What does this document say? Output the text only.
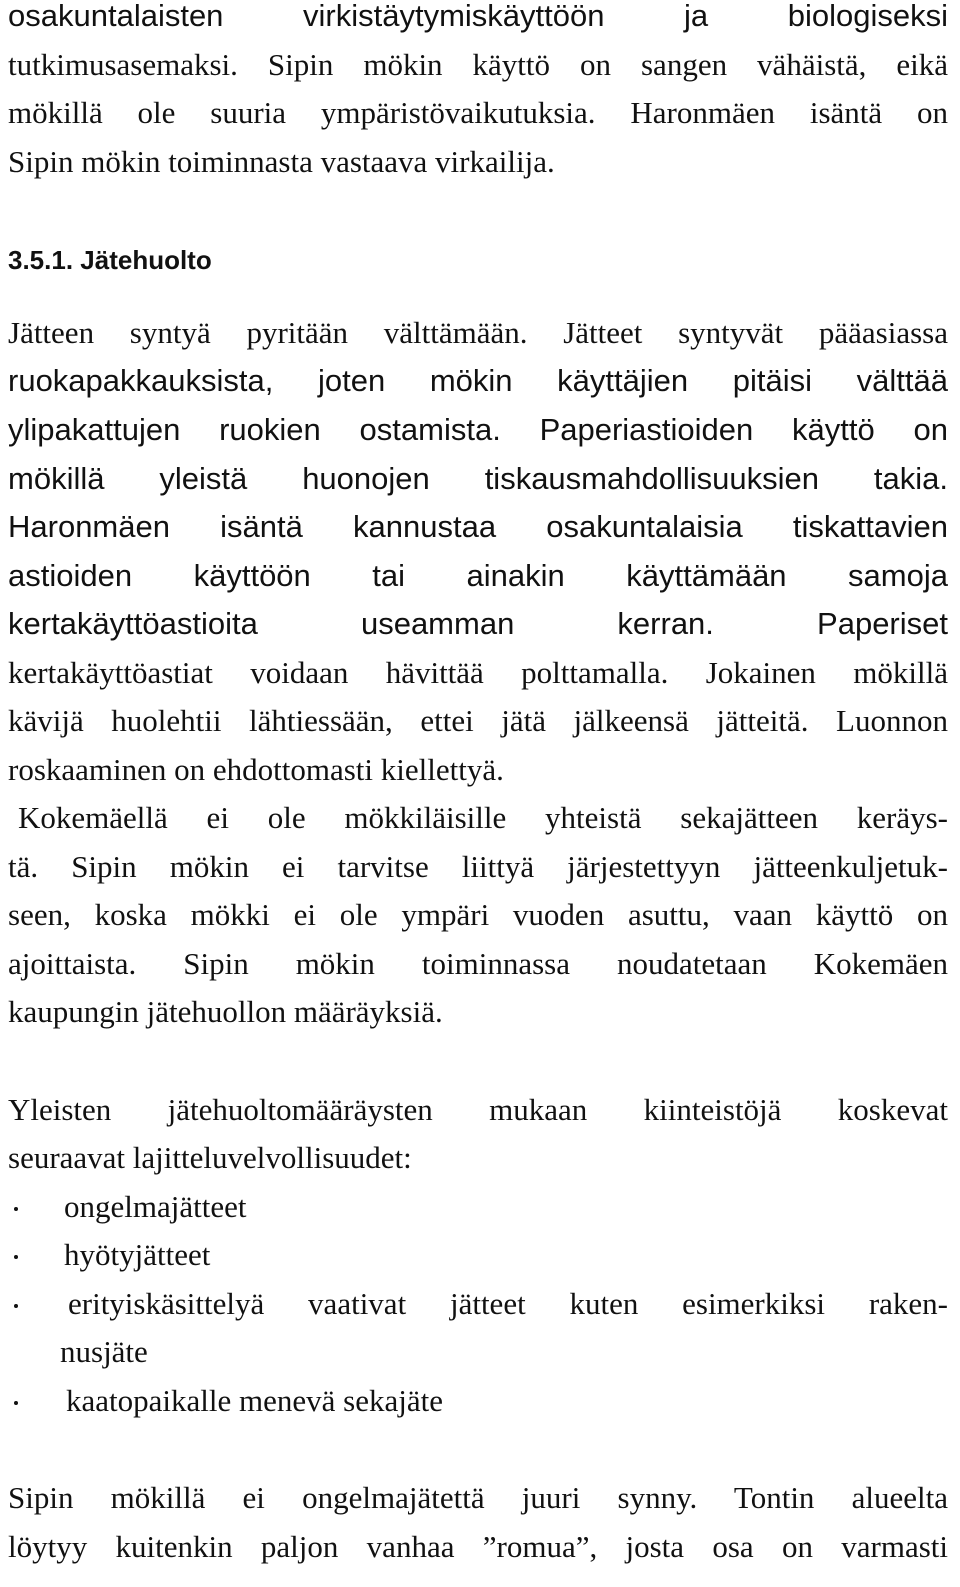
osakuntalaisten virkistäytymiskäyttöön ja biologiseksi
tutkimusasemaksi. Sipin mökin käyttö on sangen vähäistä, eikä
mökillä ole suuria ympäristövaikutuksia. Haronmäen isäntä on
Sipin mökin toiminnasta vastaava virkailija.
3.5.1. Jätehuolto
Jätteen syntyä pyritään välttämään. Jätteet syntyvät pääasiassa
ruokapakkauksista, joten mökin käyttäjien pitäisi välttää
ylipakattujen ruokien ostamista. Paperiastioiden käyttö on
mökillä yleistä huonojen tiskausmahdollisuuksien takia.
Haronmäen isäntä kannustaa osakuntalaisia tiskattavien
astioiden käyttöön tai ainakin käyttämään samoja
kertakäyttöastioita useamman kerran. Paperiset
kertakäyttöastiat voidaan hävittää polttamalla. Jokainen mökillä
kävijä huolehtii lähtiessään, ettei jätä jälkeensä jätteitä. Luonnon
roskaaminen on ehdottomasti kiellettyä.
Kokemäellä ei ole mökkiläisille yhteistä sekajätteen keräys-
tä. Sipin mökin ei tarvitse liittyä järjestettyyn jätteenkuljetuk-
seen, koska mökki ei ole ympäri vuoden asuttu, vaan käyttö on
ajoittaista. Sipin mökin toiminnassa noudatetaan Kokemäen
kaupungin jätehuollon määräyksiä.
Yleisten jätehuoltomääräysten mukaan kiinteistöjä koskevat
seuraavat lajitteluvelvollisuudet:
ongelmajätteet
hyötyjätteet
erityiskäsittelyä vaativat jätteet kuten esimerkiksi raken-
nusjäte
kaatopaikalle menevä sekajäte
Sipin mökillä ei ongelmajätettä juuri synny. Tontin alueelta
löytyy kuitenkin paljon vanhaa ”romua”, josta osa on varmasti
